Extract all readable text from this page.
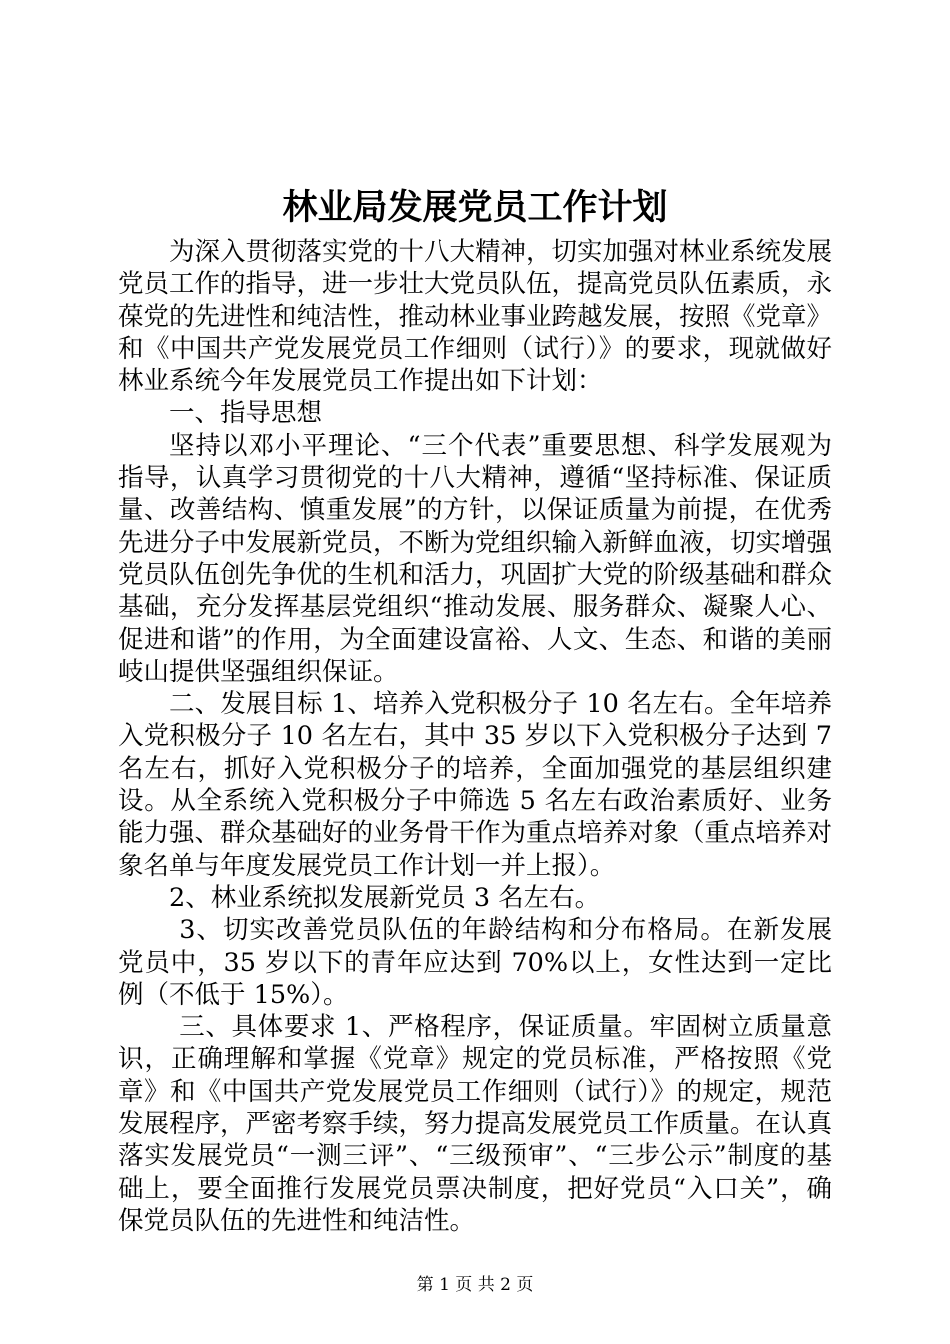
林业局发展党员工作计划

为深入贯彻落实党的十八大精神，切实加强对林业系统发展党员工作的指导，进一步壮大党员队伍，提高党员队伍素质，永葆党的先进性和纯洁性，推动林业事业跨越发展，按照《党章》和《中国共产党发展党员工作细则（试行）》的要求，现就做好林业系统今年发展党员工作提出如下计划：

一、指导思想

坚持以邓小平理论、“三个代表”重要思想、科学发展观为指导，认真学习贯彻党的十八大精神，遵循“坚持标准、保证质量、改善结构、慎重发展”的方针，以保证质量为前提，在优秀先进分子中发展新党员，不断为党组织输入新鲜血液，切实增强党员队伍创先争优的生机和活力，巩固扩大党的阶级基础和群众基础，充分发挥基层党组织“推动发展、服务群众、凝聚人心、促进和谐”的作用，为全面建设富裕、人文、生态、和谐的美丽岐山提供坚强组织保证。

二、发展目标 1、培养入党积极分子 10 名左右。全年培养入党积极分子 10 名左右，其中 35 岁以下入党积极分子达到 7 名左右，抓好入党积极分子的培养，全面加强党的基层组织建设。从全系统入党积极分子中筛选 5 名左右政治素质好、业务能力强、群众基础好的业务骨干作为重点培养对象（重点培养对象名单与年度发展党员工作计划一并上报）。

2、林业系统拟发展新党员 3 名左右。

3、切实改善党员队伍的年龄结构和分布格局。在新发展党员中，35 岁以下的青年应达到 70%以上，女性达到一定比例（不低于 15%）。

三、具体要求 1、严格程序，保证质量。牢固树立质量意识，正确理解和掌握《党章》规定的党员标准，严格按照《党章》和《中国共产党发展党员工作细则（试行）》的规定，规范发展程序，严密考察手续，努力提高发展党员工作质量。在认真落实发展党员“一测三评”、“三级预审”、“三步公示”制度的基础上，要全面推行发展党员票决制度，把好党员“入口关”，确保党员队伍的先进性和纯洁性。

第 1 页 共 2 页
